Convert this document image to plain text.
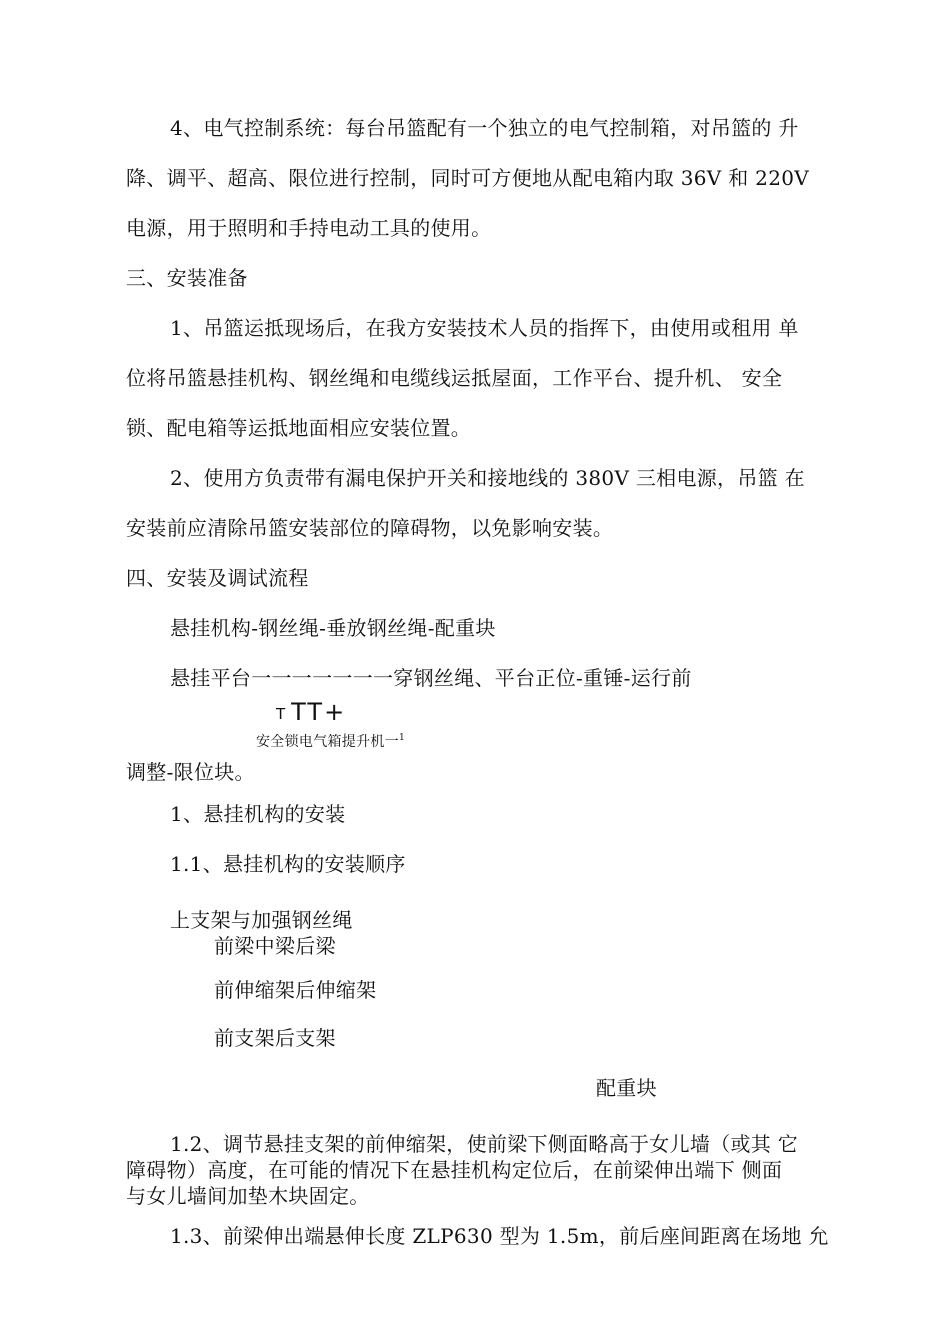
4、电气控制系统：每台吊篮配有一个独立的电气控制箱，对吊篮的 升
降、调平、超高、限位进行控制，同时可方便地从配电箱内取 36V 和 220V
电源，用于照明和手持电动工具的使用。
三、安装准备
1、吊篮运抵现场后，在我方安装技术人员的指挥下，由使用或租用 单
位将吊篮悬挂机构、钢丝绳和电缆线运抵屋面，工作平台、提升机、 安全
锁、配电箱等运抵地面相应安装位置。
2、使用方负责带有漏电保护开关和接地线的 380V 三相电源，吊篮 在
安装前应清除吊篮安装部位的障碍物，以免影响安装。
四、安装及调试流程
悬挂机构-钢丝绳-垂放钢丝绳-配重块
悬挂平台一一一一一一一穿钢丝绳、平台正位-重锤-运行前
T TT+
安全锁电气箱提升机一$^1$
调整-限位块。
1、悬挂机构的安装
1.1、悬挂机构的安装顺序
上支架与加强钢丝绳
前梁中梁后梁
前伸缩架后伸缩架
前支架后支架
配重块
1.2、调节悬挂支架的前伸缩架，使前梁下侧面略高于女儿墙（或其 它
障碍物）高度，在可能的情况下在悬挂机构定位后，在前梁伸出端下 侧面
与女儿墙间加垫木块固定。
1.3、前梁伸出端悬伸长度 ZLP630 型为 1.5m，前后座间距离在场地 允
